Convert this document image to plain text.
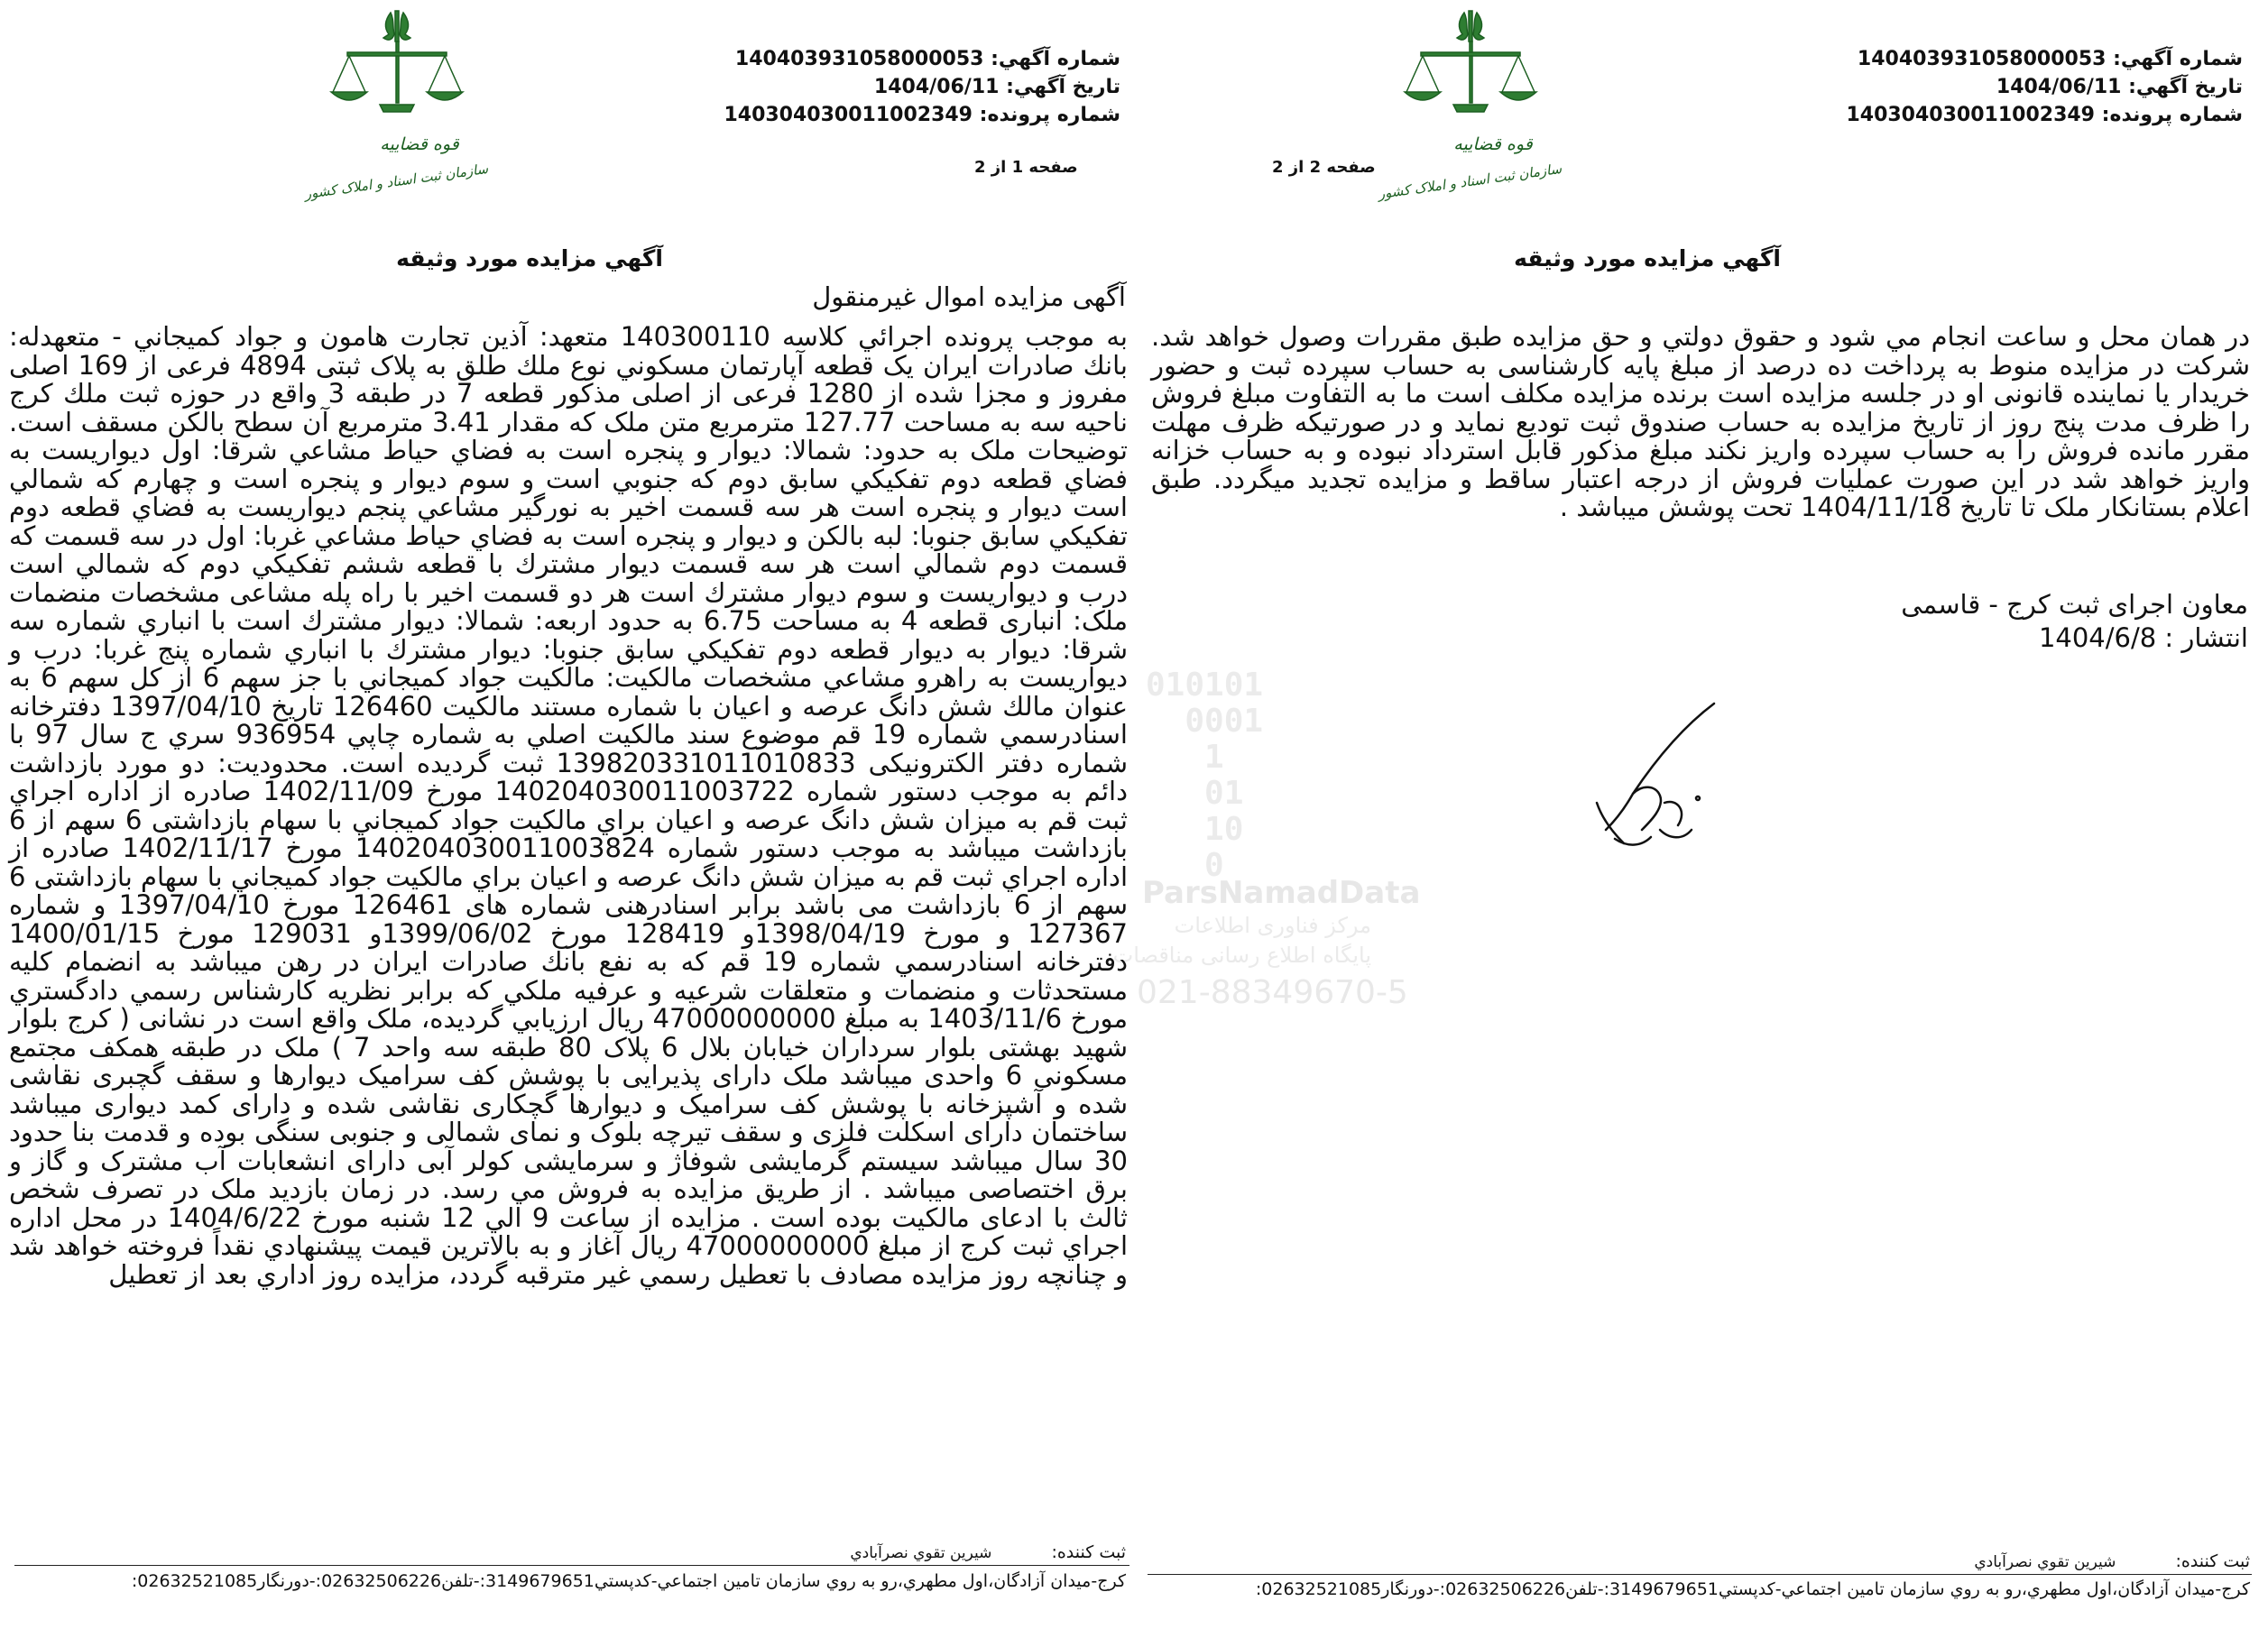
شماره آگهي: 140403931058000053
تاريخ آگهي: 1404/06/11
شماره پرونده: 140304030011002349
قوه قضاییه
سازمان ثبت اسناد و املاک کشور
صفحه 2 از 2
آگهي مزايده مورد وثيقه
در همان محل و ساعت انجام مي شود و حقوق دولتي و حق مزايده طبق مقررات وصول خواهد شد. شركت در مزايده منوط به پرداخت ده درصد از مبلغ پايه كارشناسی به حساب سپرده ثبت و حضور خريدار يا نماينده قانونی او در جلسه مزايده است برنده مزايده مكلف است ما به التفاوت مبلغ فروش را ظرف مدت پنج روز از تاريخ مزايده به حساب صندوق ثبت توديع نمايد و در صورتيكه ظرف مهلت مقرر مانده فروش را به حساب سپرده واريز نكند مبلغ مذكور قابل استرداد نبوده و به حساب خزانه واريز خواهد شد در اين صورت عمليات فروش از درجه اعتبار ساقط و مزايده تجديد ميگردد. طبق اعلام بستانكار ملک تا تاريخ 1404/11/18 تحت پوشش ميباشد .
معاون اجرای ثبت کرج - قاسمی
انتشار : 1404/6/8
ثبت كننده: شيرين تقوي نصرآبادي
كرج-ميدان آزادگان،اول مطهري،رو به روي سازمان تامين اجتماعي-كدپستي3149679651:-تلفن02632506226:-دورنگار02632521085:
010101
0001
1
01
10
0
ParsNamadData
مرکز فناوری اطلاعات
پایگاه اطلاع رسانی مناقصات
021-88349670-5
شماره آگهي: 140403931058000053
تاريخ آگهي: 1404/06/11
شماره پرونده: 140304030011002349
قوه قضاییه
سازمان ثبت اسناد و املاک کشور	صفحه 1 از 2
آگهي مزايده مورد وثيقه
آگهی مزایده اموال غیرمنقول
به موجب پرونده اجرائي كلاسه 140300110 متعهد: آذين تجارت هامون و جواد كميجاني - متعهدله: بانك صادرات ايران يک قطعه آپارتمان مسكوني نوع ملك طلق به پلاک ثبتی 4894 فرعی از 169 اصلی مفروز و مجزا شده از 1280 فرعی از اصلی مذکور قطعه 7 در طبقه 3 واقع در حوزه ثبت ملك كرج ناحيه سه به مساحت 127.77 مترمربع متن ملک که مقدار 3.41 مترمربع آن سطح بالکن مسقف است. توضيحات ملک به حدود: شمالا: ديوار و پنجره است به فضاي حياط مشاعي شرقا: اول ديواريست به فضاي قطعه دوم تفكيكي سابق دوم كه جنوبي است و سوم ديوار و پنجره است و چهارم كه شمالي است ديوار و پنجره است هر سه قسمت اخير به نورگير مشاعي پنجم ديواريست به فضاي قطعه دوم تفكيكي سابق جنوبا: لبه بالكن و ديوار و پنجره است به فضاي حياط مشاعي غربا: اول در سه قسمت كه قسمت دوم شمالي است هر سه قسمت ديوار مشترك با قطعه ششم تفكيكي دوم كه شمالي است درب و ديواريست و سوم ديوار مشترك است هر دو قسمت اخير با راه پله مشاعی مشخصات منضمات ملک: انباری قطعه 4 به مساحت 6.75 به حدود اربعه: شمالا: ديوار مشترك است با انباري شماره سه شرقا: ديوار به ديوار قطعه دوم تفكيكي سابق جنوبا: ديوار مشترك با انباري شماره پنج غربا: درب و ديواريست به راهرو مشاعي مشخصات مالكيت: مالكيت جواد كميجاني با جز سهم 6 از كل سهم 6 به عنوان مالك شش دانگ عرصه و اعيان با شماره مستند مالكيت 126460 تاريخ 1397/04/10 دفترخانه اسنادرسمي شماره 19 قم موضوع سند مالكيت اصلي به شماره چاپي 936954 سري ج سال 97 با شماره دفتر الكترونيكی 139820331011010833 ثبت گرديده است. محدوديت: دو مورد بازداشت دائم به موجب دستور شماره 140204030011003722 مورخ 1402/11/09 صادره از اداره اجراي ثبت قم به ميزان شش دانگ عرصه و اعيان براي مالكيت جواد كميجاني با سهام بازداشتی 6 سهم از 6 بازداشت ميباشد به موجب دستور شماره 140204030011003824 مورخ 1402/11/17 صادره از اداره اجراي ثبت قم به ميزان شش دانگ عرصه و اعيان براي مالكيت جواد كميجاني با سهام بازداشتی 6 سهم از 6 بازداشت می باشد برابر اسنادرهنی شماره های 126461 مورخ 1397/04/10 و شماره 127367 و مورخ 1398/04/19و 128419 مورخ 1399/06/02و 129031 مورخ 1400/01/15 دفترخانه اسنادرسمي شماره 19 قم كه به نفع بانك صادرات ايران در رهن ميباشد به انضمام كليه مستحدثات و منضمات و متعلقات شرعيه و عرفيه ملكي كه برابر نظريه كارشناس رسمي دادگستري مورخ 1403/11/6 به مبلغ 47000000000 ريال ارزيابي گرديده، ملک واقع است در نشانی ( کرج بلوار شهید بهشتی بلوار سرداران خیابان بلال 6 پلاک 80 طبقه سه واحد 7 ) ملک در طبقه همکف مجتمع مسکونی 6 واحدی میباشد ملک دارای پذیرایی با پوشش کف سرامیک دیوارها و سقف گچبری نقاشی شده و آشپزخانه با پوشش کف سرامیک و دیوارها گچکاری نقاشی شده و دارای کمد دیواری میباشد ساختمان دارای اسکلت فلزی و سقف تیرچه بلوک و نمای شمالی و جنوبی سنگی بوده و قدمت بنا حدود 30 سال میباشد سیستم گرمایشی شوفاژ و سرمایشی کولر آبی دارای انشعابات آب مشترک و گاز و برق اختصاصی میباشد . از طريق مزايده به فروش مي رسد. در زمان بازديد ملک در تصرف شخص ثالث با ادعای مالکیت بوده است . مزايده از ساعت 9 الي 12 شنبه مورخ 1404/6/22 در محل اداره اجراي ثبت كرج از مبلغ 47000000000 ريال آغاز و به بالاترين قيمت پيشنهادي نقداً فروخته خواهد شد و چنانچه روز مزايده مصادف با تعطيل رسمي غير مترقبه گردد، مزايده روز اداري بعد از تعطيل
ثبت كننده: شيرين تقوي نصرآبادي
كرج-ميدان آزادگان،اول مطهري،رو به روي سازمان تامين اجتماعي-كدپستي3149679651:-تلفن02632506226:-دورنگار02632521085:
